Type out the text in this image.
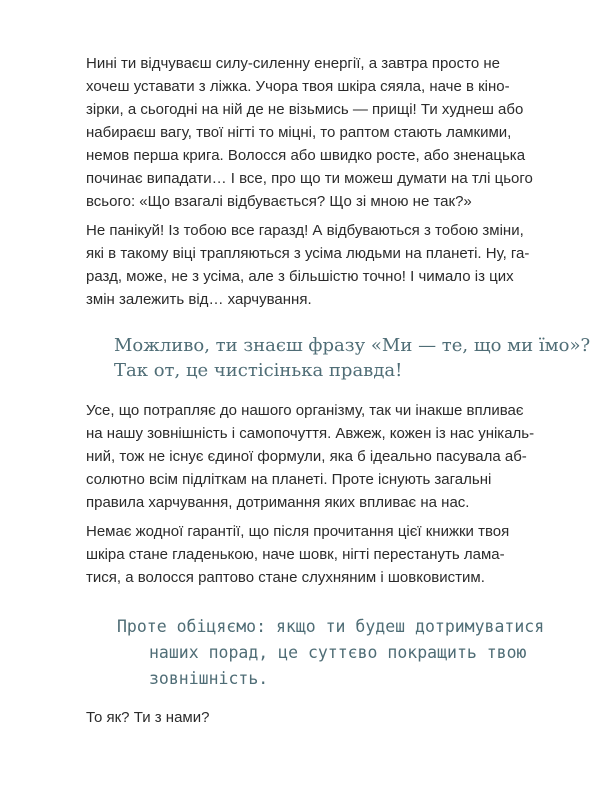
Нині ти відчуваєш силу-силенну енергії, а завтра просто не
хочеш уставати з ліжка. Учора твоя шкіра сяяла, наче в кіно-
зірки, а сьогодні на ній де не візьмись — прищі! Ти худнеш або
набираєш вагу, твої нігті то міцні, то раптом стають ламкими,
немов перша крига. Волосся або швидко росте, або зненацька
починає випадати… І все, про що ти можеш думати на тлі цього
всього: «Що взагалі відбувається? Що зі мною не так?»
Не панікуй! Із тобою все гаразд! А відбуваються з тобою зміни,
які в такому віці трапляються з усіма людьми на планеті. Ну, га-
разд, може, не з усіма, але з більшістю точно! І чимало із цих
змін залежить від… харчування.
Можливо, ти знаєш фразу «Ми — те, що ми їмо»?
Так от, це чистісінька правда!
Усе, що потрапляє до нашого організму, так чи інакше впливає
на нашу зовнішність і самопочуття. Авжеж, кожен із нас унікаль-
ний, тож не існує єдиної формули, яка б ідеально пасувала аб-
солютно всім підліткам на планеті. Проте існують загальні
правила харчування, дотримання яких впливає на нас.
Немає жодної гарантії, що після прочитання цієї книжки твоя
шкіра стане гладенькою, наче шовк, нігті перестануть лама-
тися, а волосся раптово стане слухняним і шовковистим.
Проте обіцяємо: якщо ти будеш дотримуватися
наших порад, це суттєво покращить твою
зовнішність.
То як? Ти з нами?
